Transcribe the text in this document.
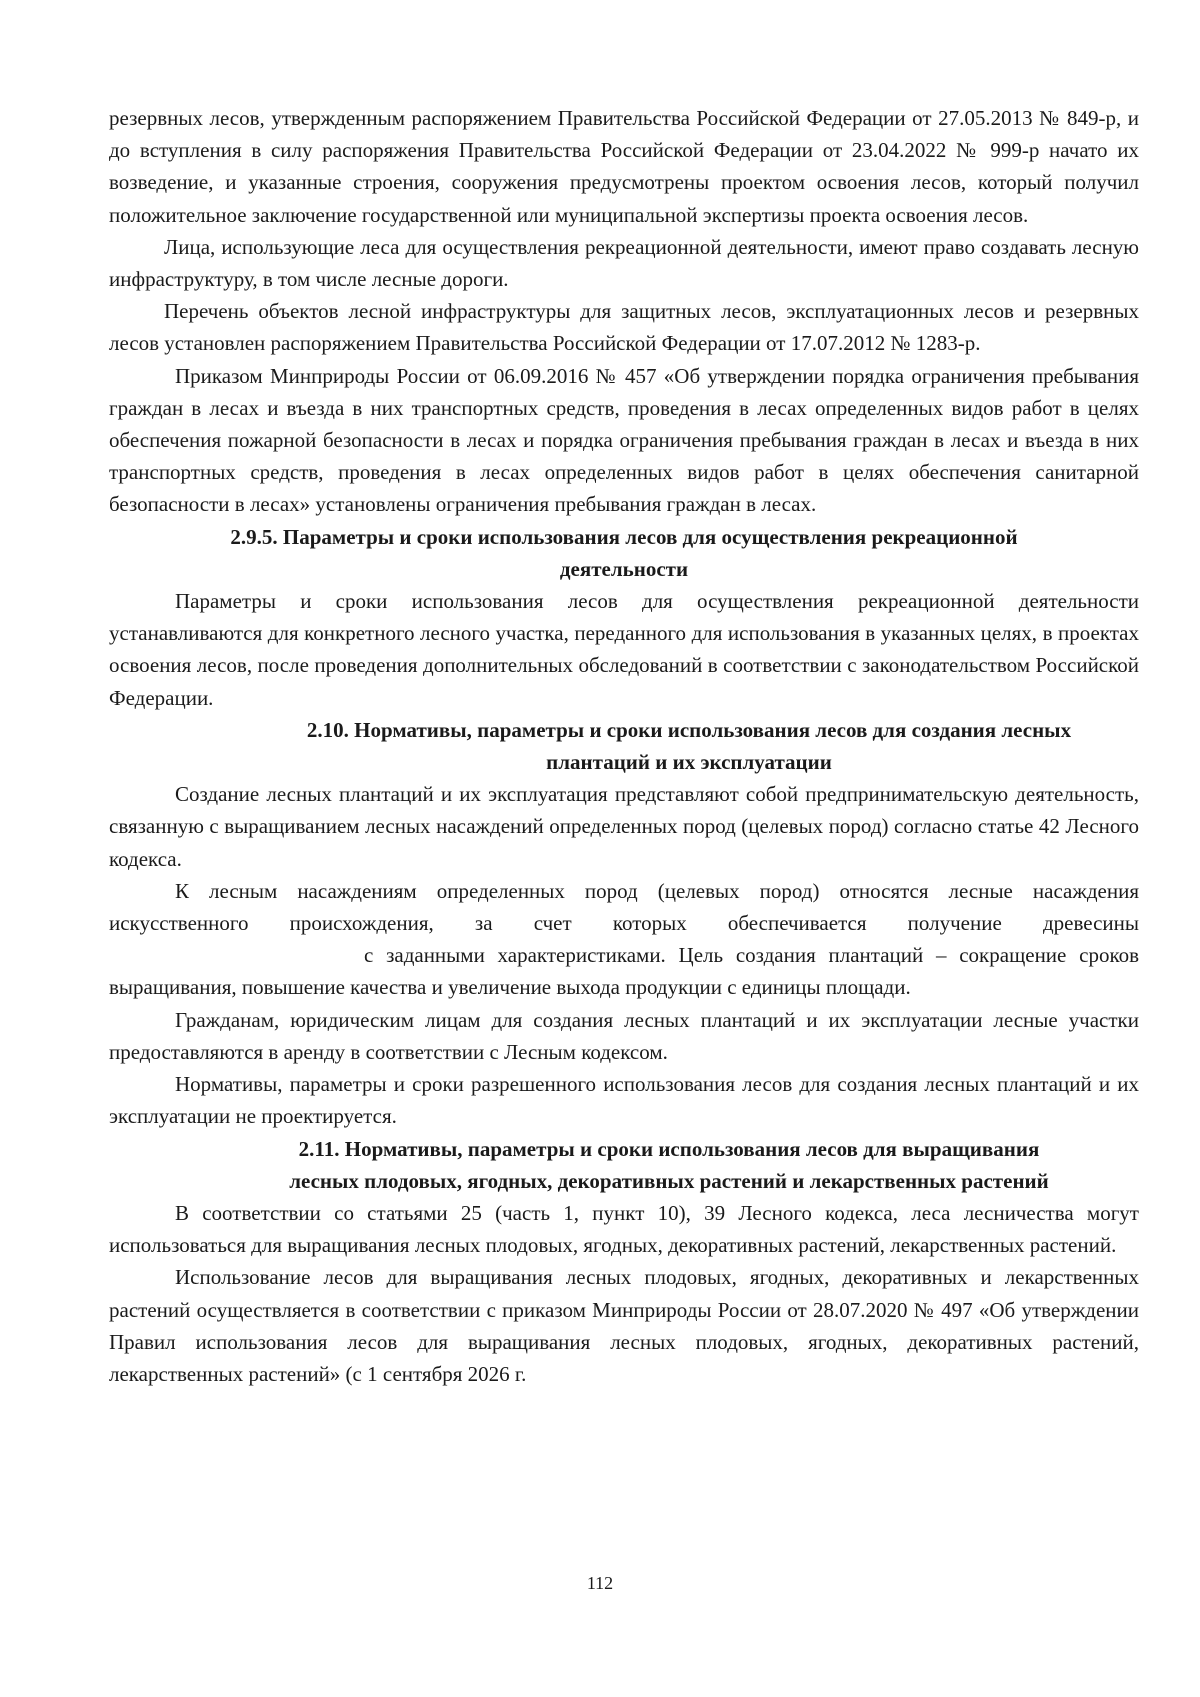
резервных лесов, утвержденным распоряжением Правительства Российской Федерации от 27.05.2013 № 849-р, и до вступления в силу распоряжения Правительства Российской Федерации от 23.04.2022 № 999-р начато их возведение, и указанные строения, сооружения предусмотрены проектом освоения лесов, который получил положительное заключение государственной или муниципальной экспертизы проекта освоения лесов.

Лица, использующие леса для осуществления рекреационной деятельности, имеют право создавать лесную инфраструктуру, в том числе лесные дороги.

Перечень объектов лесной инфраструктуры для защитных лесов, эксплуатационных лесов и резервных лесов установлен распоряжением Правительства Российской Федерации от 17.07.2012 № 1283-р.

Приказом Минприроды России от 06.09.2016 № 457 «Об утверждении порядка ограничения пребывания граждан в лесах и въезда в них транспортных средств, проведения в лесах определенных видов работ в целях обеспечения пожарной безопасности в лесах и порядка ограничения пребывания граждан в лесах и въезда в них транспортных средств, проведения в лесах определенных видов работ в целях обеспечения санитарной безопасности в лесах» установлены ограничения пребывания граждан в лесах.

2.9.5. Параметры и сроки использования лесов для осуществления рекреационной

деятельности

Параметры и сроки использования лесов для осуществления рекреационной деятельности устанавливаются для конкретного лесного участка, переданного для использования в указанных целях, в проектах освоения лесов, после проведения дополнительных обследований в соответствии с законодательством Российской Федерации.

2.10. Нормативы, параметры и сроки использования лесов для создания лесных

плантаций и их эксплуатации

Создание лесных плантаций и их эксплуатация представляют собой предпринимательскую деятельность, связанную с выращиванием лесных насаждений определенных пород (целевых пород) согласно статье 42 Лесного кодекса.

К лесным насаждениям определенных пород (целевых пород) относятся лесные насаждения искусственного происхождения, за счет которых обеспечивается получение древесиныс заданными характеристиками. Цель создания плантаций – сокращение сроков выращивания, повышение качества и увеличение выхода продукции с единицы площади.

Гражданам, юридическим лицам для создания лесных плантаций и их эксплуатации лесные участки предоставляются в аренду в соответствии с Лесным кодексом.

Нормативы, параметры и сроки разрешенного использования лесов для создания лесных плантаций и их эксплуатации не проектируется.

2.11. Нормативы, параметры и сроки использования лесов для выращивания

лесных плодовых, ягодных, декоративных растений и лекарственных растений

В соответствии со статьями 25 (часть 1, пункт 10), 39 Лесного кодекса, леса лесничества могут использоваться для выращивания лесных плодовых, ягодных, декоративных растений, лекарственных растений.

Использование лесов для выращивания лесных плодовых, ягодных, декоративных и лекарственных растений осуществляется в соответствии с приказом Минприроды России от 28.07.2020 № 497 «Об утверждении Правил использования лесов для выращивания лесных плодовых, ягодных, декоративных растений, лекарственных растений» (с 1 сентября 2026 г.

112
